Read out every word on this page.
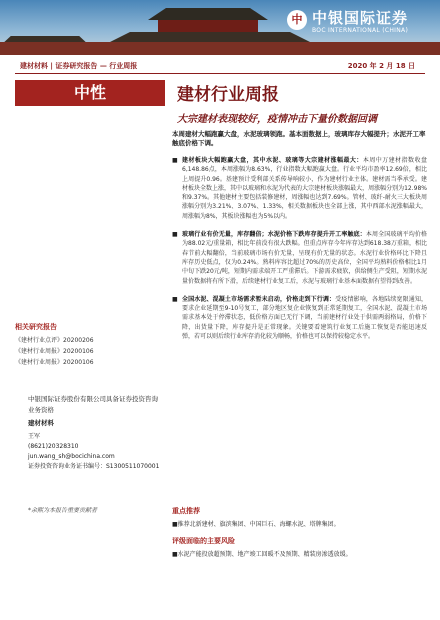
中 中银国际证券
BOC INTERNATIONAL (CHINA)
建材材料 | 证券研究报告 — 行业周报	2020 年 2 月 18 日
中性	建材行业周报
大宗建材表现较好，疫情冲击下量价数据回调
本周建材大幅跑赢大盘，水泥玻璃领跑。基本面数据上，玻璃库存大幅提升；水泥开工率触底价格下调。
■ 建材板块大幅跑赢大盘，其中水泥、玻璃等大宗建材涨幅最大：本周中万建材指数收盘6,148.86点，本周涨幅为8.63%，行业指数大幅跑赢大盘。行业平均市盈率12.69倍，相比上周提升0.96。基建预计受利部关系传导响较小，作为建材行业主体。建材需当季承受。建材板块全数上涨，其中以玻璃和水泥为代表的大宗建材板块涨幅最大，周涨幅分别为12.98%和9.37%。其他建材主要包括装修建材，周涨幅也达到7.69%。管材、玻纤-耐火三大板块周涨幅分别为3.21%、3.07%、1.33%，相关数据板块也全部上涨，其中西部水泥涨幅最大，周涨幅为8%，其板块涨幅也为5%以内。
■ 玻璃行业有价无量，库存翻倍；水泥价格下跌库存提升开工率触底：本周全国玻璃平均价格为88.02元/重量箱，相比年前没有很大跌幅。但重点库存今年库存达到618.38万重箱，相比春节前大幅翻倍，当前玻璃市场有价无量，呈现有价无量的状态。水泥行业价格环比下降且库存历史低点，仅为0.24%。熟料库容比超过70%的历史高位，全国平均熟料价格相比1月中旬下跌20元/吨，短期内需求端开工严重滞后。下游需求疲软，供给侧生产受阻，短期水泥量价数据将有所下滑，后续建材行业复工后，水泥与玻璃行业基本面数据有望得到改善。
■ 全国水泥、混凝土市场需求暂未启动，价格走到下行调：受疫情影响，各地陆续宽限通知，要求企业延期至9-10号复工，部分地区复企业恢复到正常延期复工，全国水泥、混凝土市场需求基本处于停滞状态，低价格方面已无行下调，当前建材行业处于供需两弱格局，价格下降，出货量下降，库存提升是正常现象。关键要看建筑行业复工后施工恢复是否能迅速反弹，若可以则后续行业库存消化较为顺畅，价格也可以保持较稳定水平。
相关研究报告
《建材行业点评》20200206
《建材行业周报》20200106
《建材行业周报》20200106
中银国际证券股份有限公司具备证券投资咨询业务资格
建材材料
王军
(8621)20328310
jun.wang_sh@bocichina.com
证券投资咨询业务证书编号：S1300511070001
*余熙为本报告重要贡献者	重点推荐
■ 推荐北新建材、旗滨集团、中国巨石、海螺水泥、塔牌集团。
评级面临的主要风险
■ 水泥产能投放超预期、地产竣工回暖不及预期、精装房渗透放缓。
